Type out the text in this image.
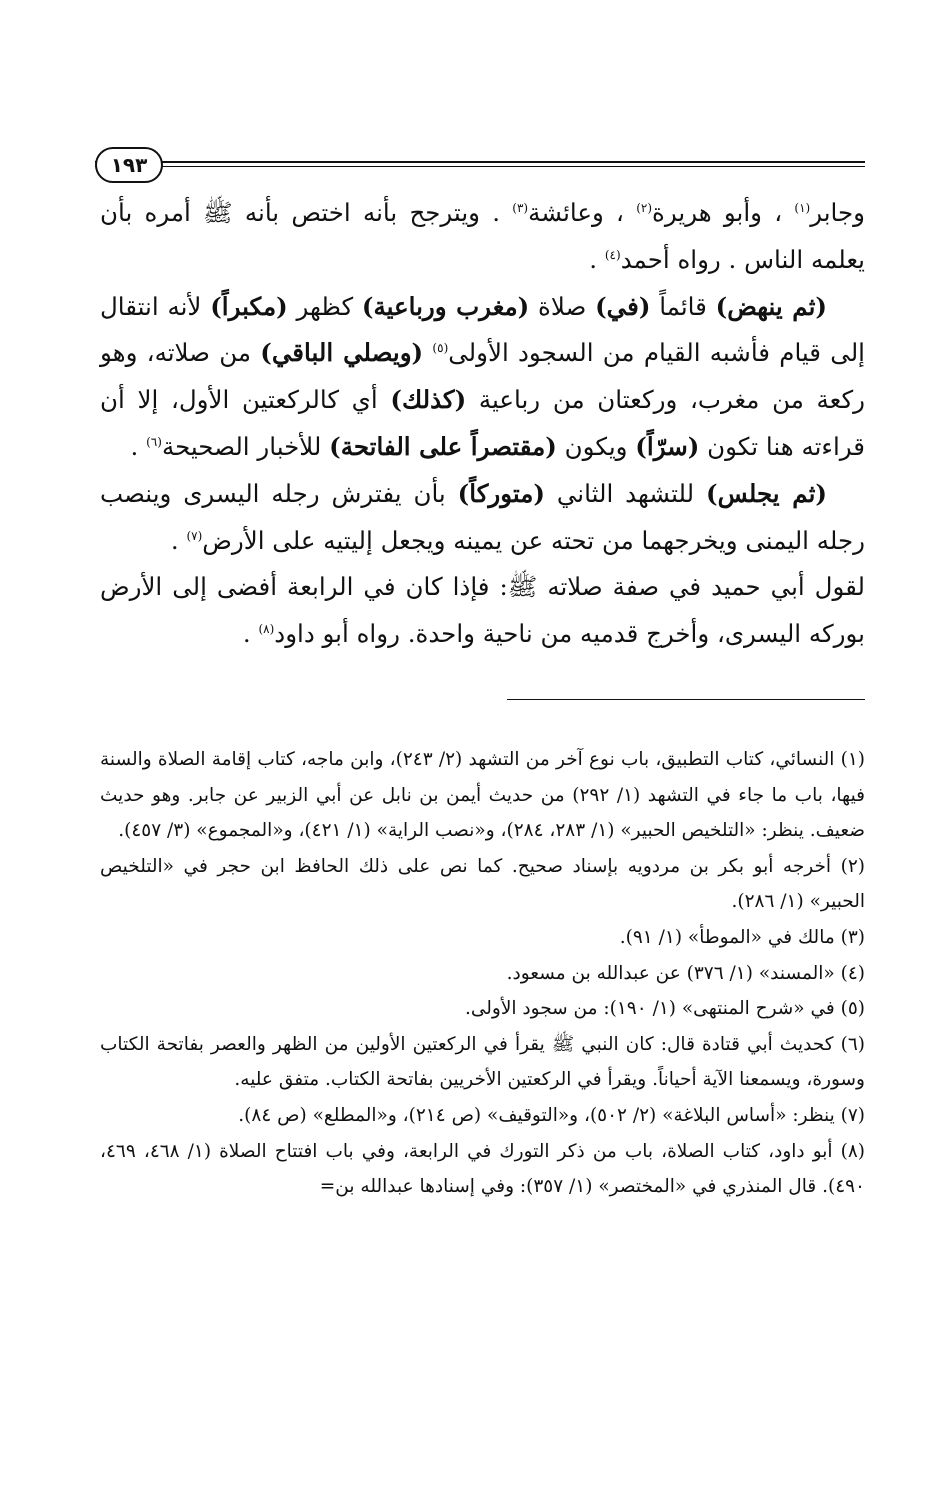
١٩٣

وجابر$^{(١)}$ ، وأبو هريرة$^{(٢)}$ ، وعائشة$^{(٣)}$ . ويترجح بأنه اختص بأنه ﷺ أمره بأن يعلمه الناس . رواه أحمد$^{(٤)}$ .

(ثم ينهض) قائماً (في) صلاة (مغرب ورباعية) كظهر (مكبراً) لأنه انتقال إلى قيام فأشبه القيام من السجود الأولى$^{(٥)}$ (ويصلي الباقي) من صلاته، وهو ركعة من مغرب، وركعتان من رباعية (كذلك) أي كالركعتين الأول، إلا أن قراءته هنا تكون (سرّاً) ويكون (مقتصراً على الفاتحة) للأخبار الصحيحة$^{(٦)}$ .

(ثم يجلس) للتشهد الثاني (متوركاً) بأن يفترش رجله اليسرى وينصب رجله اليمنى ويخرجهما من تحته عن يمينه ويجعل إليتيه على الأرض$^{(٧)}$ .

لقول أبي حميد في صفة صلاته ﷺ: فإذا كان في الرابعة أفضى إلى الأرض بوركه اليسرى، وأخرج قدميه من ناحية واحدة. رواه أبو داود$^{(٨)}$ .

(١) النسائي، كتاب التطبيق، باب نوع آخر من التشهد (٢/ ٢٤٣)، وابن ماجه، كتاب إقامة الصلاة والسنة فيها، باب ما جاء في التشهد (١/ ٢٩٢) من حديث أيمن بن نابل عن أبي الزبير عن جابر. وهو حديث ضعيف. ينظر: «التلخيص الحبير» (١/ ٢٨٣، ٢٨٤)، و«نصب الراية» (١/ ٤٢١)، و«المجموع» (٣/ ٤٥٧).

(٢) أخرجه أبو بكر بن مردويه بإسناد صحيح. كما نص على ذلك الحافظ ابن حجر في «التلخيص الحبير» (١/ ٢٨٦).

(٣) مالك في «الموطأ» (١/ ٩١).

(٤) «المسند» (١/ ٣٧٦) عن عبدالله بن مسعود.

(٥) في «شرح المنتهى» (١/ ١٩٠): من سجود الأولى.

(٦) كحديث أبي قتادة قال: كان النبي ﷺ يقرأ في الركعتين الأولين من الظهر والعصر بفاتحة الكتاب وسورة، ويسمعنا الآية أحياناً. ويقرأ في الركعتين الأخريين بفاتحة الكتاب. متفق عليه.

(٧) ينظر: «أساس البلاغة» (٢/ ٥٠٢)، و«التوقيف» (ص ٢١٤)، و«المطلع» (ص ٨٤).

(٨) أبو داود، كتاب الصلاة، باب من ذكر التورك في الرابعة، وفي باب افتتاح الصلاة (١/ ٤٦٨، ٤٦٩، ٤٩٠). قال المنذري في «المختصر» (١/ ٣٥٧): وفي إسنادها عبدالله بن=
